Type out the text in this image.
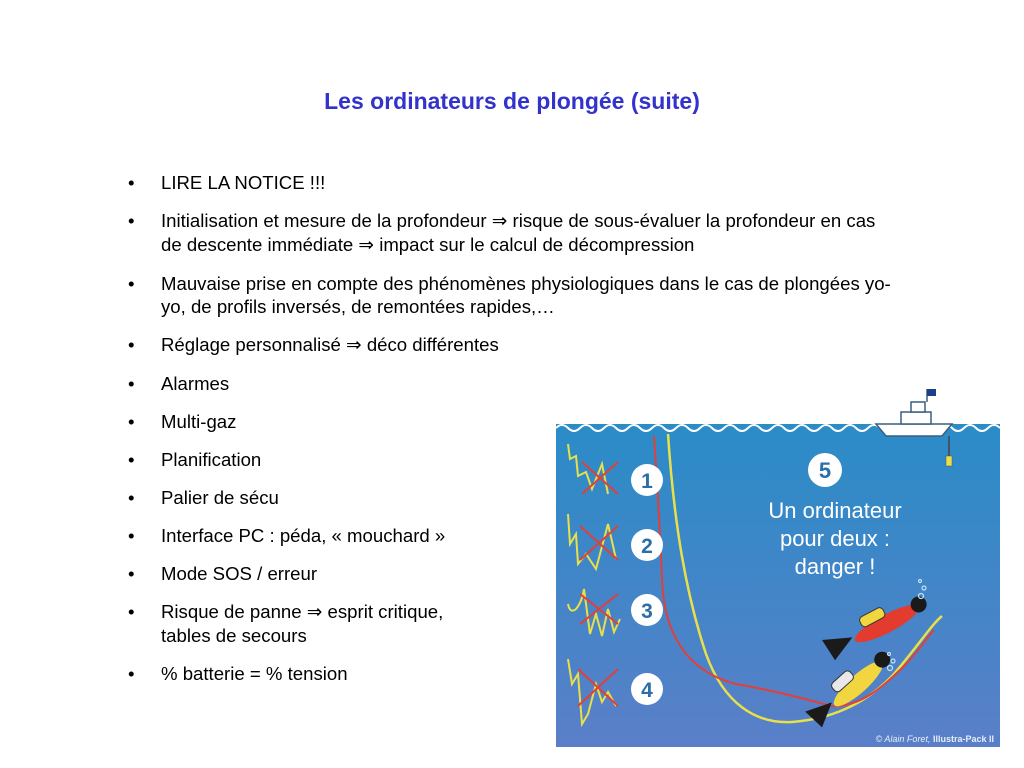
Les ordinateurs de plongée (suite)
• LIRE LA NOTICE !!!
• Initialisation et mesure de la profondeur ⇒ risque de sous-évaluer la profondeur en cas de descente immédiate ⇒ impact sur le calcul de décompression
• Mauvaise prise en compte des phénomènes physiologiques dans le cas de plongées yo-yo, de profils inversés, de remontées rapides,…
• Réglage personnalisé ⇒ déco différentes
• Alarmes
• Multi-gaz
• Planification
• Palier de sécu
• Interface PC : péda, « mouchard »
• Mode SOS / erreur
• Risque de panne ⇒ esprit critique,
tables de secours
• % batterie = % tension
1
2
3
4
5
Un ordinateur
pour deux :
danger !
© Alain Foret, Illustra-Pack II
